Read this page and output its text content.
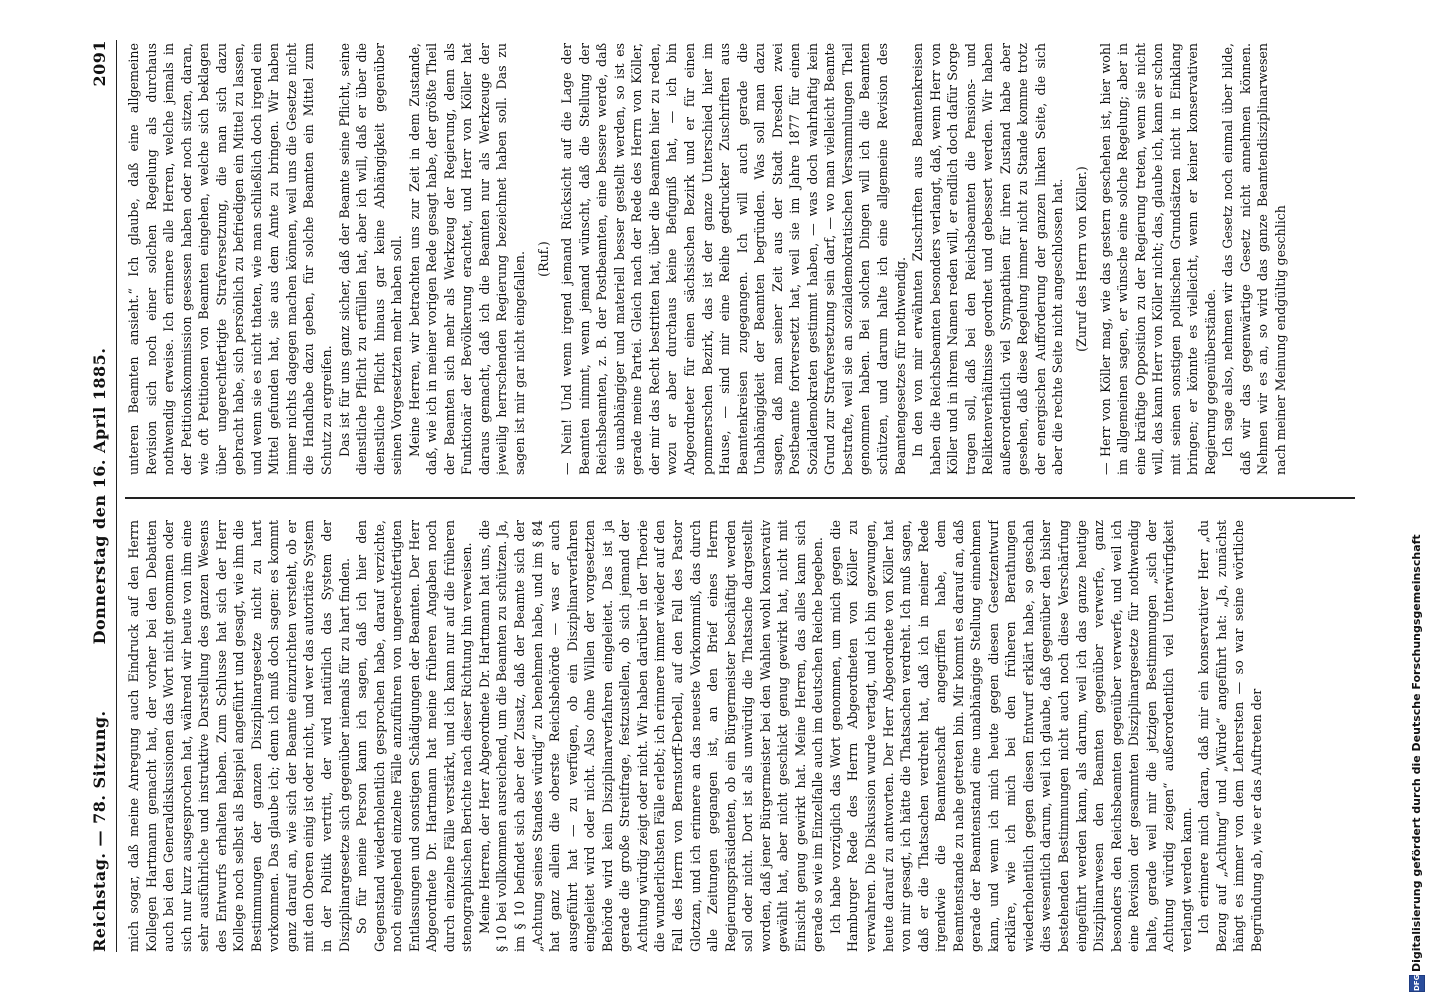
Reichstag. — 78. Sitzung.
Donnerstag den 16. April 1885.
2091

mich sogar, daß meine Anregung auch Eindruck auf den Herrn Kollegen Hartmann gemacht hat, der vorher bei den Debatten auch bei den Generaldiskussionen das Wort nicht genommen oder sich nur kurz ausgesprochen hat, während wir heute von ihm eine sehr ausführliche und instruktive Darstellung des ganzen Wesens des Entwurfs erhalten haben. Zum Schlusse hat sich der Herr Kollege noch selbst als Beispiel angeführt und gesagt, wie ihm die Bestimmungen der ganzen Disziplinargesetze nicht zu hart vorkommen. Das glaube ich; denn ich muß doch sagen: es kommt ganz darauf an, wie sich der Beamte einzurichten versteht, ob er mit den Oberen einig ist oder nicht, und wer das autoritäre System in der Politik vertritt, der wird natürlich das System der Disziplinargesetze sich gegenüber niemals für zu hart finden. So für meine Person kann ich sagen, daß ich hier den Gegenstand wiederholentlich gesprochen habe, darauf verzichte, noch eingehend einzelne Fälle anzuführen von ungerechtfertigten Entlassungen und sonstigen Schädigungen der Beamten. Der Herr Abgeordnete Dr. Hartmann hat meine früheren Angaben noch durch einzelne Fälle verstärkt, und ich kann nur auf die früheren stenographischen Berichte nach dieser Richtung hin verweisen. Meine Herren, der Herr Abgeordnete Dr. Hartmann hat uns, die § 10 bei vollkommen ausreichend, um die Beamten zu schützen. Ja, im § 10 befindet sich aber der Zusatz, daß der Beamte sich der „Achtung seines Standes würdig“ zu benehmen habe, und im § 84 hat ganz allein die oberste Reichsbehörde — was er auch ausgeführt hat — zu verfügen, ob ein Disziplinarverfahren eingeleitet wird oder nicht. Also ohne Willen der vorgesetzten Behörde wird kein Disziplinarverfahren eingeleitet. Das ist ja gerade die große Streitfrage, festzustellen, ob sich jemand der Achtung würdig zeigt oder nicht. Wir haben darüber in der Theorie die wunderlichsten Fälle erlebt; ich erinnere immer wieder auf den Fall des Herrn von Bernstorff-Derbell, auf den Fall des Pastor Glotzan, und ich erinnere an das neueste Vorkommniß, das durch alle Zeitungen gegangen ist, an den Brief eines Herrn Regierungspräsidenten, ob ein Bürgermeister beschäftigt werden soll oder nicht. Dort ist als unwürdig die Thatsache dargestellt worden, daß jener Bürgermeister bei den Wahlen wohl konservativ gewählt hat, aber nicht geschickt genug gewirkt hat, nicht mit Einsicht genug gewirkt hat. Meine Herren, das alles kann sich gerade so wie im Einzelfalle auch im deutschen Reiche begeben. Ich habe vorzüglich das Wort genommen, um mich gegen die Hamburger Rede des Herrn Abgeordneten von Köller zu verwahren. Die Diskussion wurde vertagt, und ich bin gezwungen, heute darauf zu antworten. Der Herr Abgeordnete von Köller hat von mir gesagt, ich hätte die Thatsachen verdreht. Ich muß sagen, daß er die Thatsachen verdreht hat, daß ich in meiner Rede irgendwie die Beamtenschaft angegriffen habe, dem Beamtenstande zu nahe getreten bin. Mir kommt es darauf an, daß gerade der Beamtenstand eine unabhängige Stellung einnehmen kann, und wenn ich mich heute gegen diesen Gesetzentwurf erkläre, wie ich mich bei den früheren Berathungen wiederholentlich gegen diesen Entwurf erklärt habe, so geschah dies wesentlich darum, weil ich glaube, daß gegenüber den bisher bestehenden Bestimmungen nicht auch noch diese Verschärfung eingeführt werden kann, als darum, weil ich das ganze heutige Disziplinarwesen den Beamten gegenüber verwerfe, ganz besonders den Reichsbeamten gegenüber verwerfe, und weil ich eine Revision der gesammten Disziplinargesetze für nothwendig halte, gerade weil mir die jetzigen Bestimmungen „sich der Achtung würdig zeigen“ außerordentlich viel Unterwürfigkeit verlangt werden kann. Ich erinnere mich daran, daß mir ein konservativer Herr „du Bezug auf „Achtung“ und „Würde“ angeführt hat: „Ja, zunächst hängt es immer von dem Lehrersten — so war seine wörtliche Begründung ab, wie er das Auftreten der

unteren Beamten ansieht.“ Ich glaube, daß eine allgemeine Revision sich noch einer solchen Regelung als durchaus nothwendig erweise. Ich erinnere alle Herren, welche jemals in der Petitionskommission gesessen haben oder noch sitzen, daran, wie oft Petitionen von Beamten eingehen, welche sich beklagen über ungerechtfertigte Strafversetzung, die man sich dazu gebracht habe, sich persönlich zu befriedigen ein Mittel zu lassen, und wenn sie es nicht thaten, wie man schließlich doch irgend ein Mittel gefunden hat, sie aus dem Amte zu bringen. Wir haben immer nichts dagegen machen können, weil uns die Gesetze nicht die Handhabe dazu geben, für solche Beamten ein Mittel zum Schutz zu ergreifen. Das ist für uns ganz sicher, daß der Beamte seine Pflicht, seine dienstliche Pflicht zu erfüllen hat, aber ich will, daß er über die dienstliche Pflicht hinaus gar keine Abhängigkeit gegenüber seinen Vorgesetzten mehr haben soll. Meine Herren, wir betrachten uns zur Zeit in dem Zustande, daß, wie ich in meiner vorigen Rede gesagt habe, der größte Theil der Beamten sich mehr als Werkzeug der Regierung, denn als Funktionär der Bevölkerung erachtet, und Herr von Köller hat daraus gemacht, daß ich die Beamten nur als Werkzeuge der jeweilig herrschenden Regierung bezeichnet haben soll. Das zu sagen ist mir gar nicht eingefallen. (Ruf.) — Nein! Und wenn irgend jemand Rücksicht auf die Lage der Beamten nimmt, wenn jemand wünscht, daß die Stellung der Reichsbeamten, z. B. der Postbeamten, eine bessere werde, daß sie unabhängiger und materiell besser gestellt werden, so ist es gerade meine Partei. Gleich nach der Rede des Herrn von Köller, der mir das Recht bestritten hat, über die Beamten hier zu reden, wozu er aber durchaus keine Befugniß hat, — ich bin Abgeordneter für einen sächsischen Bezirk und er für einen pommerschen Bezirk, das ist der ganze Unterschied hier im Hause, — sind mir eine Reihe gedruckter Zuschriften aus Beamtenkreisen zugegangen. Ich will auch gerade die Unabhängigkeit der Beamten begründen. Was soll man dazu sagen, daß man seiner Zeit aus der Stadt Dresden zwei Postbeamte fortversetzt hat, weil sie im Jahre 1877 für einen Sozialdemokraten gestimmt haben, — was doch wahrhaftig kein Grund zur Strafversetzung sein darf, — wo man vielleicht Beamte bestrafte, weil sie an sozialdemokratischen Versammlungen Theil genommen haben. Bei solchen Dingen will ich die Beamten schützen, und darum halte ich eine allgemeine Revision des Beamtengesetzes für nothwendig. In den von mir erwähnten Zuschriften aus Beamtenkreisen haben die Reichsbeamten besonders verlangt, daß, wenn Herr von Köller und in ihrem Namen reden will, er endlich doch dafür Sorge tragen soll, daß bei den Reichsbeamten die Pensions- und Reliktenverhältnisse geordnet und gebessert werden. Wir haben außerordentlich viel Sympathien für ihren Zustand habe aber gesehen, daß diese Regelung immer nicht zu Stande komme trotz der energischen Aufforderung der ganzen linken Seite, die sich aber die rechte Seite nicht angeschlossen hat. (Zuruf des Herrn von Köller.) — Herr von Köller mag, wie das gestern geschehen ist, hier wohl im allgemeinen sagen, er wünsche eine solche Regelung; aber in eine kräftige Opposition zu der Regierung treten, wenn sie nicht will, das kann Herr von Köller nicht; das, glaube ich, kann er schon mit seinen sonstigen politischen Grundsätzen nicht in Einklang bringen; er könnte es vielleicht, wenn er keiner konservativen Regierung gegenüberstände. Ich sage also, nehmen wir das Gesetz noch einmal über bilde, daß wir das gegenwärtige Gesetz nicht annehmen können. Nehmen wir es an, so wird das ganze Beamtendisziplinarwesen nach meiner Meinung endgültig geschlich

DFG
Digitalisierung gefördert durch die Deutsche Forschungsgemeinschaft
